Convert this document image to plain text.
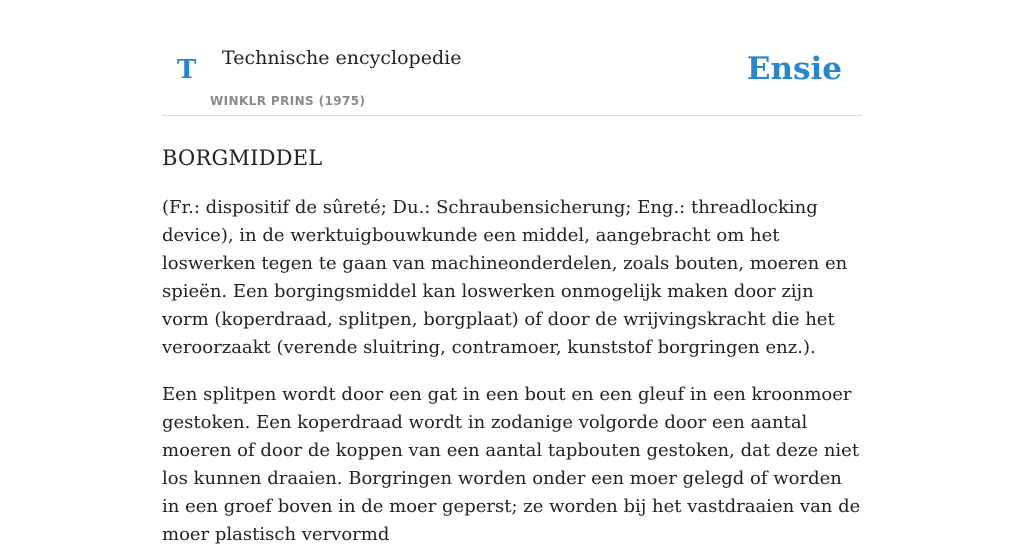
T Technische encyclopedie
WINKLR PRINS (1975)
Ensie
BORGMIDDEL

(Fr.: dispositif de sûreté; Du.: Schraubensicherung; Eng.: threadlocking device), in de werktuigbouwkunde een middel, aangebracht om het loswerken tegen te gaan van machineonderdelen, zoals bouten, moeren en spieën. Een borgingsmiddel kan loswerken onmogelijk maken door zijn vorm (koperdraad, splitpen, borgplaat) of door de wrijvingskracht die het veroorzaakt (verende sluitring, contramoer, kunststof borgringen enz.).

Een splitpen wordt door een gat in een bout en een gleuf in een kroonmoer gestoken. Een koperdraad wordt in zodanige volgorde door een aantal moeren of door de koppen van een aantal tapbouten gestoken, dat deze niet los kunnen draaien. Borgringen worden onder een moer gelegd of worden in een groef boven in de moer geperst; ze worden bij het vastdraaien van de moer plastisch vervormd
